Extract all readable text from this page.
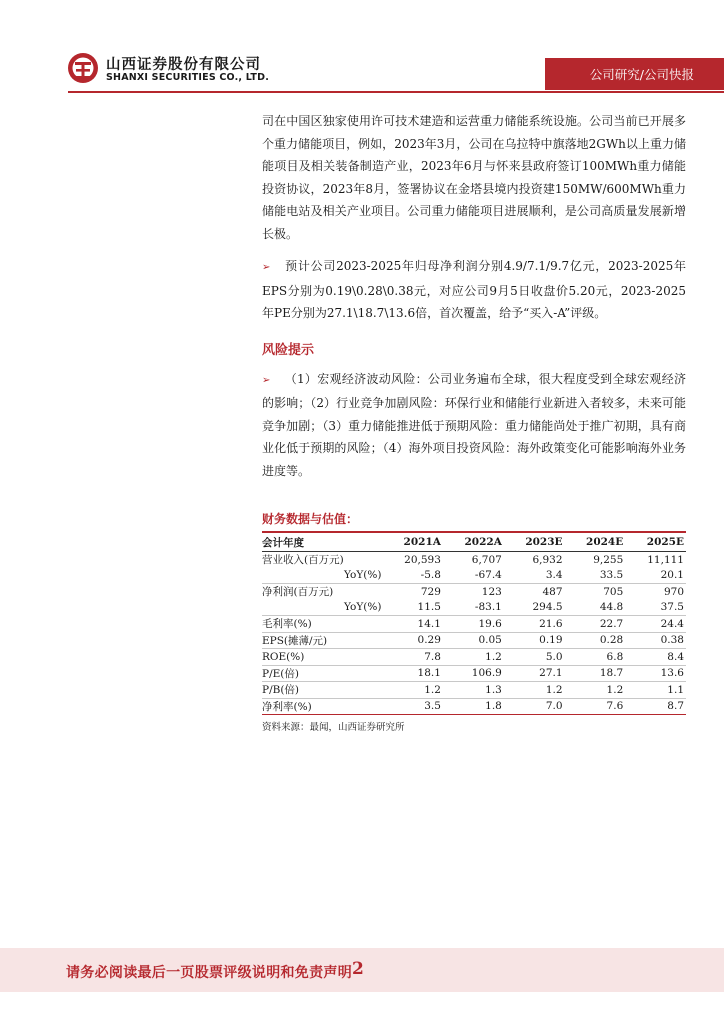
山西证券股份有限公司
SHANXI SECURITIES CO., LTD.	公司研究/公司快报

司在中国区独家使用许可技术建造和运营重力储能系统设施。公司当前已开展多个重力储能项目，例如，2023年3月，公司在乌拉特中旗落地2GWh以上重力储能项目及相关装备制造产业，2023年6月与怀来县政府签订100MWh重力储能投资协议，2023年8月，签署协议在金塔县境内投资建150MW/600MWh重力储能电站及相关产业项目。公司重力储能项目进展顺利，是公司高质量发展新增长极。

➢ 预计公司2023-2025年归母净利润分别4.9/7.1/9.7亿元，2023-2025年EPS分别为0.19\0.28\0.38元，对应公司9月5日收盘价5.20元，2023-2025年PE分别为27.1\18.7\13.6倍，首次覆盖，给予“买入-A”评级。

风险提示

➢ （1）宏观经济波动风险：公司业务遍布全球，很大程度受到全球宏观经济的影响；（2）行业竞争加剧风险：环保行业和储能行业新进入者较多，未来可能竞争加剧；（3）重力储能推进低于预期风险：重力储能尚处于推广初期，具有商业化低于预期的风险；（4）海外项目投资风险：海外政策变化可能影响海外业务进度等。

财务数据与估值：
会计年度	2021A	2022A	2023E	2024E	2025E
营业收入(百万元)	20,593	6,707	6,932	9,255	11,111
YoY(%)	-5.8	-67.4	3.4	33.5	20.1
净利润(百万元)	729	123	487	705	970
YoY(%)	11.5	-83.1	294.5	44.8	37.5
毛利率(%)	14.1	19.6	21.6	22.7	24.4
EPS(摊薄/元)	0.29	0.05	0.19	0.28	0.38
ROE(%)	7.8	1.2	5.0	6.8	8.4
P/E(倍)	18.1	106.9	27.1	18.7	13.6
P/B(倍)	1.2	1.3	1.2	1.2	1.1
净利率(%)	3.5	1.8	7.0	7.6	8.7
资料来源：最闻，山西证券研究所
请务必阅读最后一页股票评级说明和免责声明 2
